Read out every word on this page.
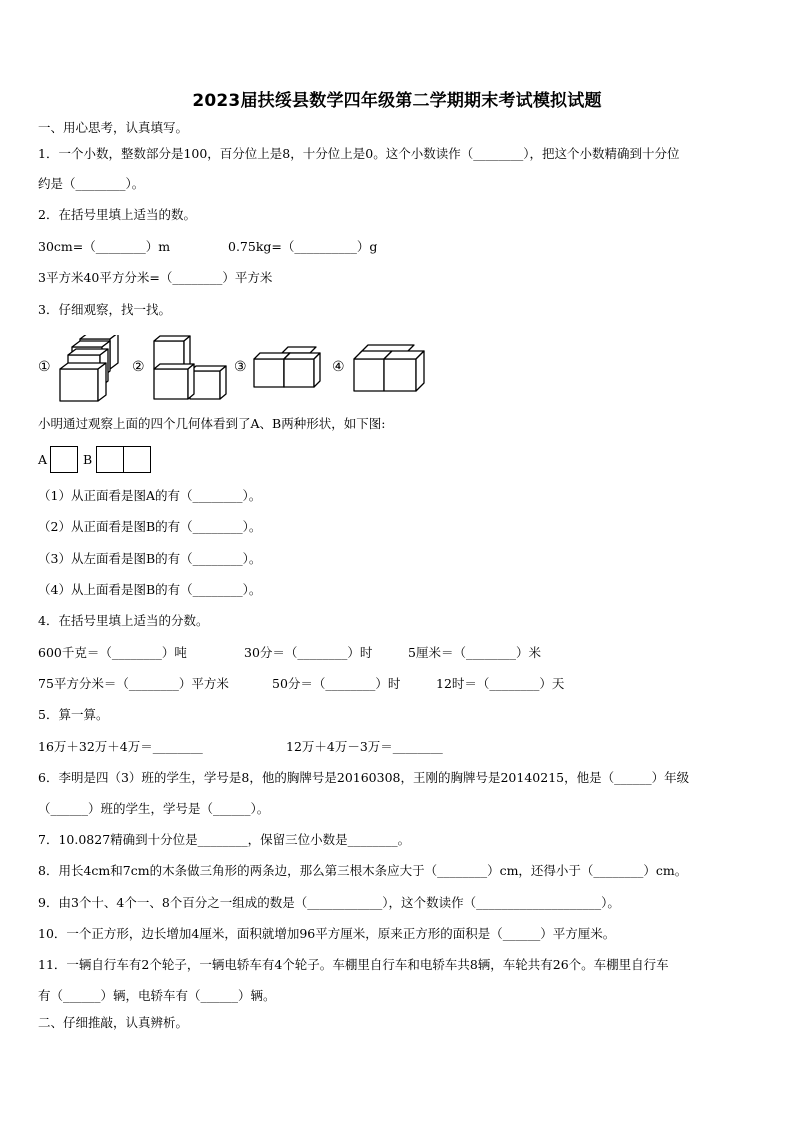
2023届扶绥县数学四年级第二学期期末考试模拟试题
一、用心思考，认真填写。
1．一个小数，整数部分是100，百分位上是8，十分位上是0。这个小数读作（________），把这个小数精确到十分位
约是（________）。
2．在括号里填上适当的数。
30cm=（________）m	0.75kg=（__________）g
3平方米40平方分米=（________）平方米
3．仔细观察，找一找。
①	②	③	④
小明通过观察上面的四个几何体看到了A、B两种形状，如下图:
A	B
（1）从正面看是图A的有（________）。
（2）从正面看是图B的有（________）。
（3）从左面看是图B的有（________）。
（4）从上面看是图B的有（________）。
4．在括号里填上适当的分数。
600千克＝（________）吨	30分＝（________）时	5厘米＝（________）米
75平方分米＝（________）平方米	50分＝（________）时	12时＝（________）天
5．算一算。
16万＋32万＋4万＝________	12万＋4万－3万＝________
6．李明是四（3）班的学生，学号是8，他的胸牌号是20160308，王刚的胸牌号是20140215，他是（______）年级
（______）班的学生，学号是（______）。
7．10.0827精确到十分位是________，保留三位小数是________。
8．用长4cm和7cm的木条做三角形的两条边，那么第三根木条应大于（________）cm，还得小于（________）cm。
9．由3个十、4个一、8个百分之一组成的数是（____________），这个数读作（____________________）。
10．一个正方形，边长增加4厘米，面积就增加96平方厘米，原来正方形的面积是（______）平方厘米。
11．一辆自行车有2个轮子，一辆电轿车有4个轮子。车棚里自行车和电轿车共8辆，车轮共有26个。车棚里自行车
有（______）辆，电轿车有（______）辆。
二、仔细推敲，认真辨析。
